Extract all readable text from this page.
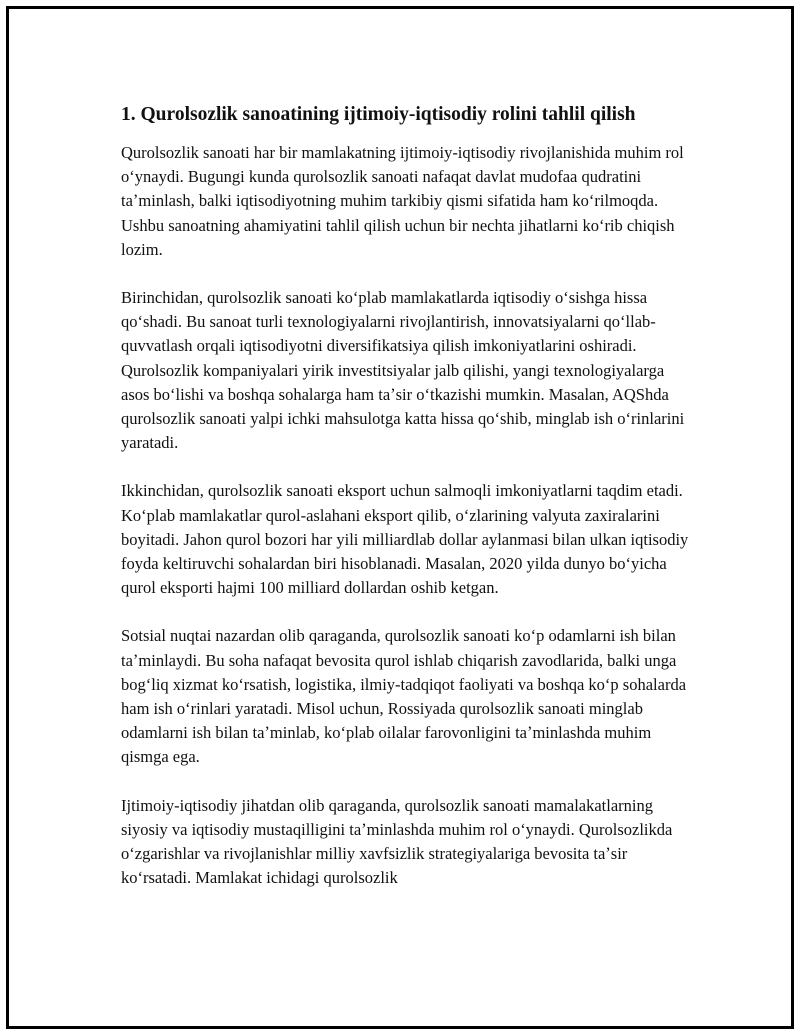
1. Qurolsozlik sanoatining ijtimoiy-iqtisodiy rolini tahlil qilish

Qurolsozlik sanoati har bir mamlakatning ijtimoiy-iqtisodiy rivojlanishida muhim rol oʻynaydi. Bugungi kunda qurolsozlik sanoati nafaqat davlat mudofaa qudratini taʼminlash, balki iqtisodiyotning muhim tarkibiy qismi sifatida ham koʻrilmoqda. Ushbu sanoatning ahamiyatini tahlil qilish uchun bir nechta jihatlarni koʻrib chiqish lozim.

Birinchidan, qurolsozlik sanoati koʻplab mamlakatlarda iqtisodiy oʻsishga hissa qoʻshadi. Bu sanoat turli texnologiyalarni rivojlantirish, innovatsiyalarni qoʻllab-quvvatlash orqali iqtisodiyotni diversifikatsiya qilish imkoniyatlarini oshiradi. Qurolsozlik kompaniyalari yirik investitsiyalar jalb qilishi, yangi texnologiyalarga asos boʻlishi va boshqa sohalarga ham taʼsir oʻtkazishi mumkin. Masalan, AQShda qurolsozlik sanoati yalpi ichki mahsulotga katta hissa qoʻshib, minglab ish oʻrinlarini yaratadi.

Ikkinchidan, qurolsozlik sanoati eksport uchun salmoqli imkoniyatlarni taqdim etadi. Koʻplab mamlakatlar qurol-aslahani eksport qilib, oʻzlarining valyuta zaxiralarini boyitadi. Jahon qurol bozori har yili milliardlab dollar aylanmasi bilan ulkan iqtisodiy foyda keltiruvchi sohalardan biri hisoblanadi. Masalan, 2020 yilda dunyo boʻyicha qurol eksporti hajmi 100 milliard dollardan oshib ketgan.

Sotsial nuqtai nazardan olib qaraganda, qurolsozlik sanoati koʻp odamlarni ish bilan taʼminlaydi. Bu soha nafaqat bevosita qurol ishlab chiqarish zavodlarida, balki unga bogʻliq xizmat koʻrsatish, logistika, ilmiy-tadqiqot faoliyati va boshqa koʻp sohalarda ham ish oʻrinlari yaratadi. Misol uchun, Rossiyada qurolsozlik sanoati minglab odamlarni ish bilan taʼminlab, koʻplab oilalar farovonligini taʼminlashda muhim qismga ega.

Ijtimoiy-iqtisodiy jihatdan olib qaraganda, qurolsozlik sanoati mamalakatlarning siyosiy va iqtisodiy mustaqilligini taʼminlashda muhim rol oʻynaydi. Qurolsozlikda oʻzgarishlar va rivojlanishlar milliy xavfsizlik strategiyalariga bevosita taʼsir koʻrsatadi. Mamlakat ichidagi qurolsozlik
